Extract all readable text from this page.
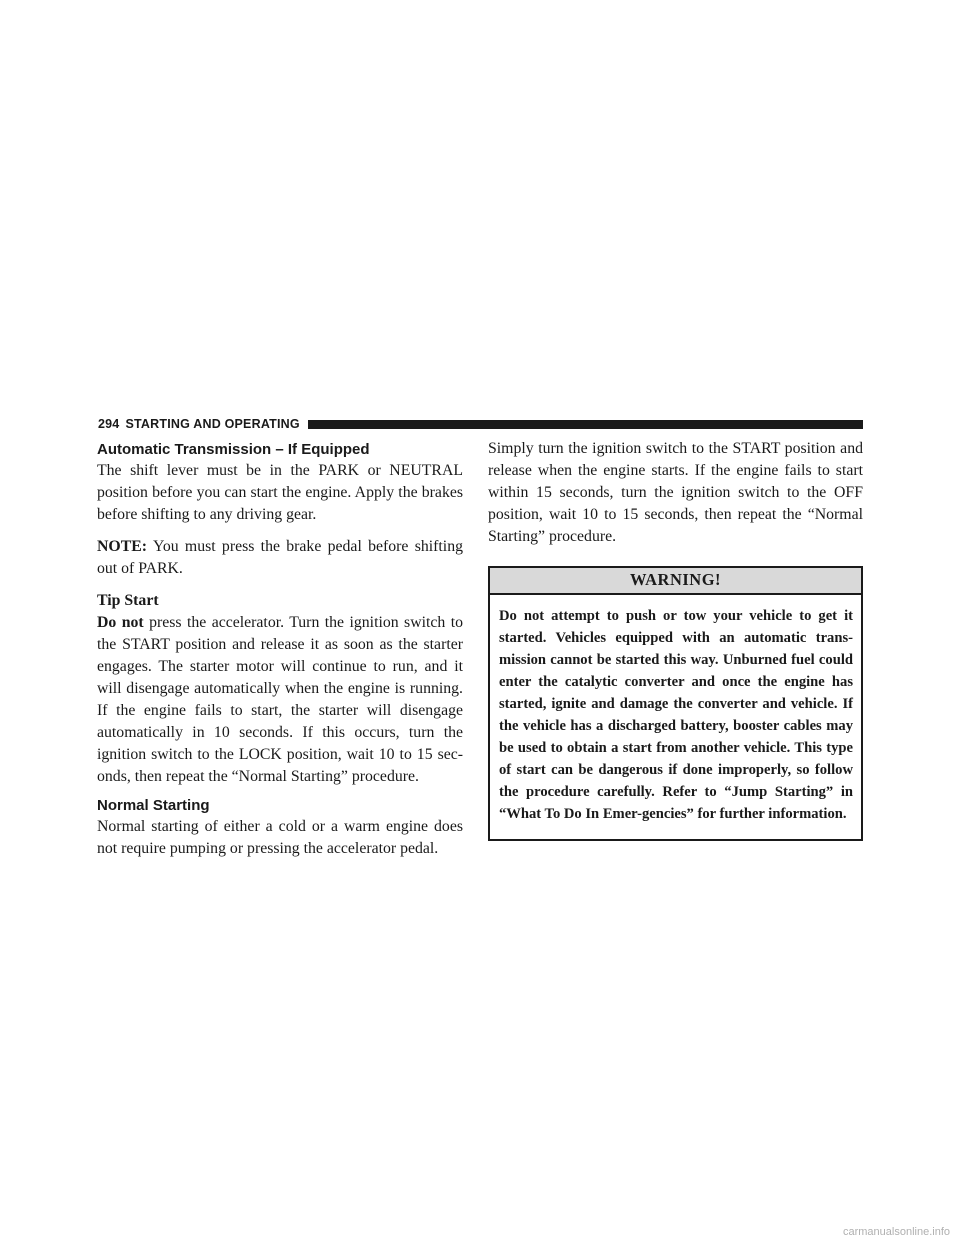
294 STARTING AND OPERATING
Automatic Transmission – If Equipped

The shift lever must be in the PARK or NEUTRAL position before you can start the engine. Apply the brakes before shifting to any driving gear.

NOTE: You must press the brake pedal before shifting out of PARK.

Tip Start

Do not press the accelerator. Turn the ignition switch to the START position and release it as soon as the starter engages. The starter motor will continue to run, and it will disengage automatically when the engine is running. If the engine fails to start, the starter will disengage automatically in 10 seconds. If this occurs, turn the ignition switch to the LOCK position, wait 10 to 15 sec-onds, then repeat the “Normal Starting” procedure.

Normal Starting

Normal starting of either a cold or a warm engine does not require pumping or pressing the accelerator pedal.

Simply turn the ignition switch to the START position and release when the engine starts. If the engine fails to start within 15 seconds, turn the ignition switch to the OFF position, wait 10 to 15 seconds, then repeat the “Normal Starting” procedure.

WARNING!
Do not attempt to push or tow your vehicle to get it started. Vehicles equipped with an automatic trans-mission cannot be started this way. Unburned fuel could enter the catalytic converter and once the engine has started, ignite and damage the converter and vehicle. If the vehicle has a discharged battery, booster cables may be used to obtain a start from another vehicle. This type of start can be dangerous if done improperly, so follow the procedure carefully. Refer to “Jump Starting” in “What To Do In Emer-gencies” for further information.
carmanualsonline.info
